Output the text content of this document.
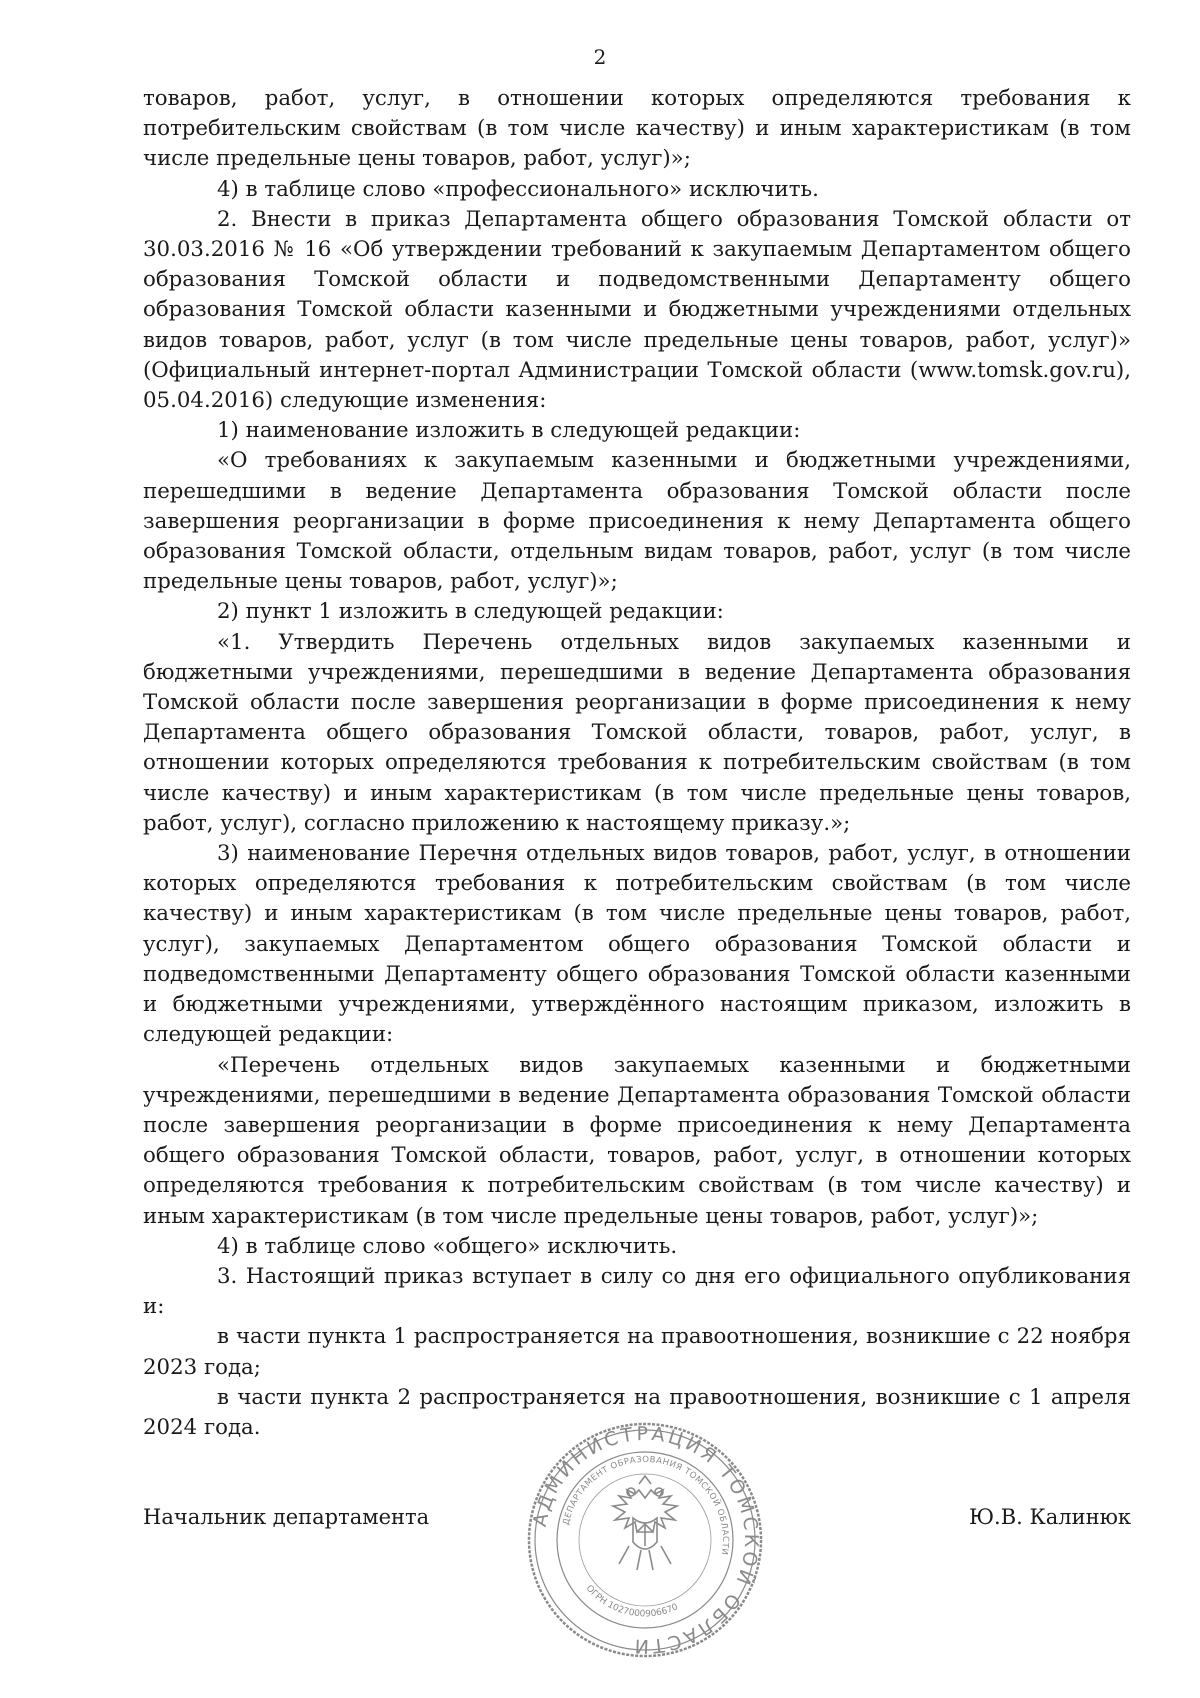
2

товаров, работ, услуг, в отношении которых определяются требования к потребительским свойствам (в том числе качеству) и иным характеристикам (в том числе предельные цены товаров, работ, услуг)»;

4) в таблице слово «профессионального» исключить.

2. Внести в приказ Департамента общего образования Томской области от 30.03.2016 № 16 «Об утверждении требований к закупаемым Департаментом общего образования Томской области и подведомственными Департаменту общего образования Томской области казенными и бюджетными учреждениями отдельных видов товаров, работ, услуг (в том числе предельные цены товаров, работ, услуг)» (Официальный интернет-портал Администрации Томской области (www.tomsk.gov.ru), 05.04.2016) следующие изменения:

1) наименование изложить в следующей редакции:

«О требованиях к закупаемым казенными и бюджетными учреждениями, перешедшими в ведение Департамента образования Томской области после завершения реорганизации в форме присоединения к нему Департамента общего образования Томской области, отдельным видам товаров, работ, услуг (в том числе предельные цены товаров, работ, услуг)»;

2) пункт 1 изложить в следующей редакции:

«1. Утвердить Перечень отдельных видов закупаемых казенными и бюджетными учреждениями, перешедшими в ведение Департамента образования Томской области после завершения реорганизации в форме присоединения к нему Департамента общего образования Томской области, товаров, работ, услуг, в отношении которых определяются требования к потребительским свойствам (в том числе качеству) и иным характеристикам (в том числе предельные цены товаров, работ, услуг), согласно приложению к настоящему приказу.»;

3) наименование Перечня отдельных видов товаров, работ, услуг, в отношении которых определяются требования к потребительским свойствам (в том числе качеству) и иным характеристикам (в том числе предельные цены товаров, работ, услуг), закупаемых Департаментом общего образования Томской области и подведомственными Департаменту общего образования Томской области казенными и бюджетными учреждениями, утверждённого настоящим приказом, изложить в следующей редакции:

«Перечень отдельных видов закупаемых казенными и бюджетными учреждениями, перешедшими в ведение Департамента образования Томской области после завершения реорганизации в форме присоединения к нему Департамента общего образования Томской области, товаров, работ, услуг, в отношении которых определяются требования к потребительским свойствам (в том числе качеству) и иным характеристикам (в том числе предельные цены товаров, работ, услуг)»;

4) в таблице слово «общего» исключить.

3. Настоящий приказ вступает в силу со дня его официального опубликования и:

в части пункта 1 распространяется на правоотношения, возникшие с 22 ноября 2023 года;

в части пункта 2 распространяется на правоотношения, возникшие с 1 апреля 2024 года.

Начальник департамента	Ю.В. Калинюк
АДМИНИСТРАЦИЯ ТОМСКОЙ ОБЛАСТИ
ДЕПАРТАМЕНТ ОБРАЗОВАНИЯ ТОМСКОЙ ОБЛАСТИ
ОГРН 1027000906670
